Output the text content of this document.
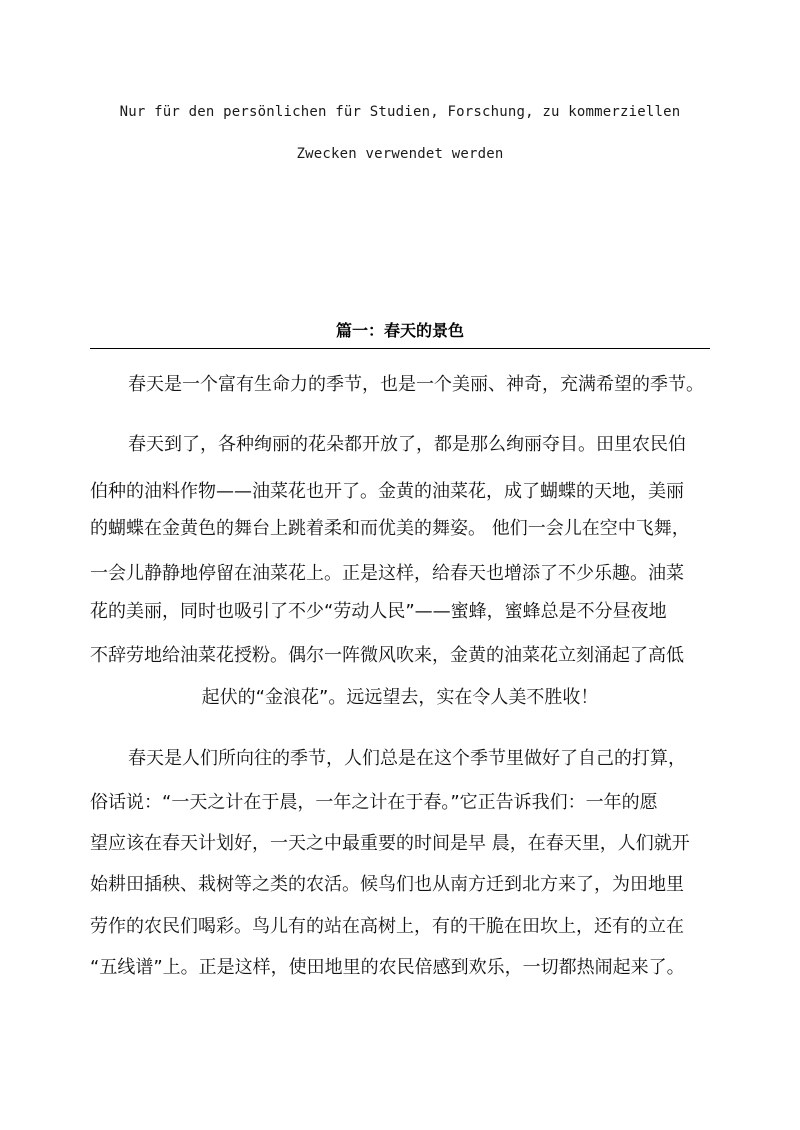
Nur für den persönlichen für Studien, Forschung, zu kommerziellen
Zwecken verwendet werden
篇一：春天的景色
春天是一个富有生命力的季节，也是一个美丽、神奇，充满希望的季节。
春天到了，各种绚丽的花朵都开放了，都是那么绚丽夺目。田里农民伯
伯种的油料作物——油菜花也开了。金黄的油菜花，成了蝴蝶的天地，美丽
的蝴蝶在金黄色的舞台上跳着柔和而优美的舞姿。 他们一会儿在空中飞舞，
一会儿静静地停留在油菜花上。正是这样，给春天也增添了不少乐趣。油菜
花的美丽，同时也吸引了不少“劳动人民”——蜜蜂，蜜蜂总是不分昼夜地
不辞劳地给油菜花授粉。偶尔一阵微风吹来，金黄的油菜花立刻涌起了高低
起伏的“金浪花”。远远望去，实在令人美不胜收！
春天是人们所向往的季节，人们总是在这个季节里做好了自己的打算，
俗话说：“一天之计在于晨，一年之计在于春。”它正告诉我们：一年的愿
望应该在春天计划好，一天之中最重要的时间是早 晨，在春天里，人们就开
始耕田插秧、栽树等之类的农活。候鸟们也从南方迁到北方来了，为田地里
劳作的农民们喝彩。鸟儿有的站在高树上，有的干脆在田坎上，还有的立在
“五线谱”上。正是这样，使田地里的农民倍感到欢乐，一切都热闹起来了。
